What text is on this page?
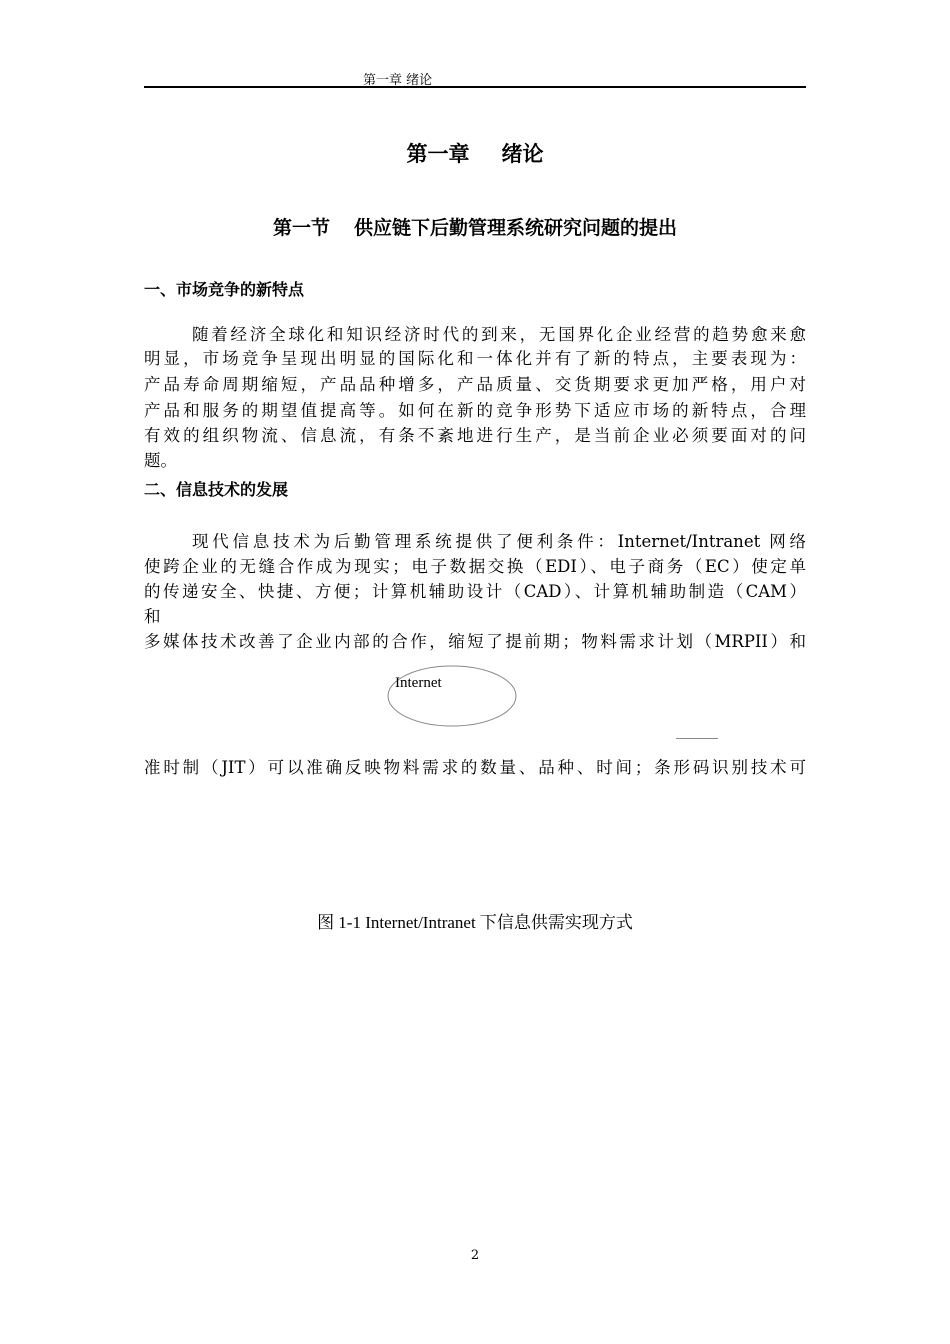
第一章 绪论
第一章 绪论
第一节 供应链下后勤管理系统研究问题的提出
一、市场竞争的新特点
随着经济全球化和知识经济时代的到来，无国界化企业经营的趋势愈来愈
明显，市场竞争呈现出明显的国际化和一体化并有了新的特点，主要表现为：
产品寿命周期缩短，产品品种增多，产品质量、交货期要求更加严格，用户对
产品和服务的期望值提高等。如何在新的竞争形势下适应市场的新特点，合理
有效的组织物流、信息流，有条不紊地进行生产，是当前企业必须要面对的问
题。
二、信息技术的发展
现代信息技术为后勤管理系统提供了便利条件：Internet/Intranet 网络
使跨企业的无缝合作成为现实；电子数据交换（EDI）、电子商务（EC）使定单
的传递安全、快捷、方便；计算机辅助设计（CAD）、计算机辅助制造（CAM）
和
多媒体技术改善了企业内部的合作，缩短了提前期；物料需求计划（MRPII）和
Internet
准时制（JIT）可以准确反映物料需求的数量、品种、时间；条形码识别技术可
图 1-1 Internet/Intranet 下信息供需实现方式
2
